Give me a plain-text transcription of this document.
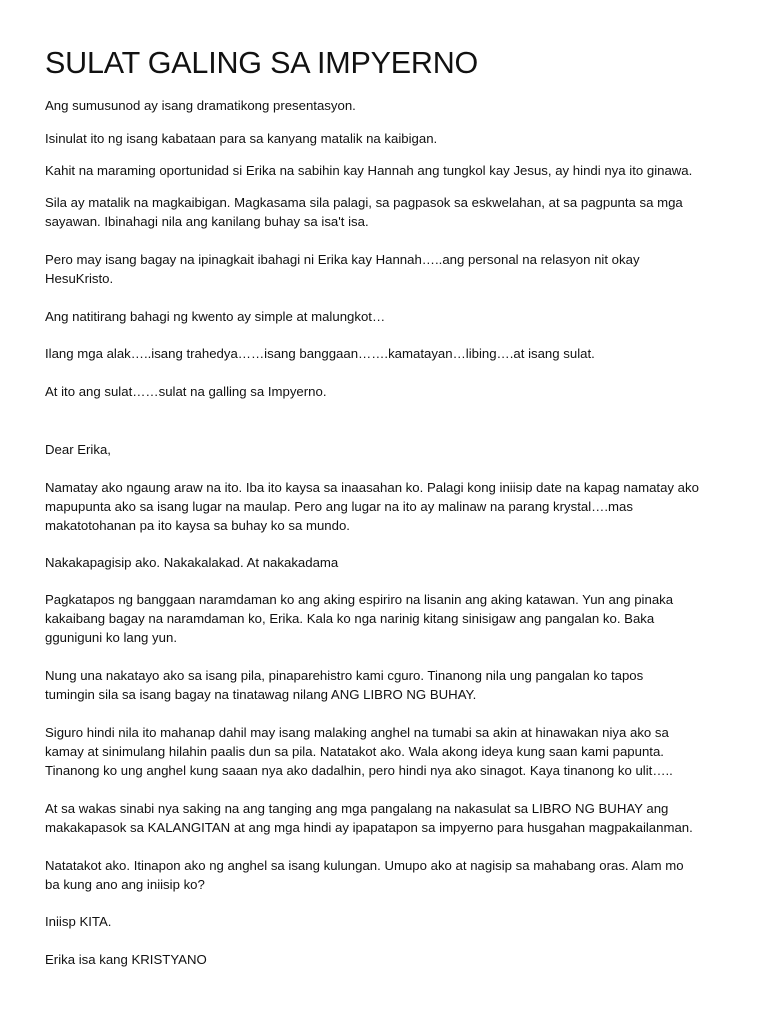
SULAT GALING SA IMPYERNO

Ang sumusunod ay isang dramatikong presentasyon.

Isinulat ito ng isang kabataan para sa kanyang matalik na kaibigan.

Kahit na maraming oportunidad si Erika na sabihin kay Hannah ang tungkol kay Jesus, ay hindi nya ito ginawa.

Sila ay matalik na magkaibigan. Magkasama sila palagi, sa pagpasok sa eskwelahan, at sa pagpunta sa mga
sayawan. Ibinahagi nila ang kanilang buhay sa isa't isa.

Pero may isang bagay na ipinagkait ibahagi ni Erika kay Hannah…..ang personal na relasyon nit okay
HesuKristo.

Ang natitirang bahagi ng kwento ay simple at malungkot…

Ilang mga alak…..isang trahedya……isang banggaan…….kamatayan…libing….at isang sulat.

At ito ang sulat……sulat na galling sa Impyerno.

Dear Erika,

Namatay ako ngaung araw na ito. Iba ito kaysa sa inaasahan ko. Palagi kong iniisip date na kapag namatay ako
mapupunta ako sa isang lugar na maulap. Pero ang lugar na ito ay malinaw na parang krystal….mas
makatotohanan pa ito kaysa sa buhay ko sa mundo.

Nakakapagisip ako. Nakakalakad. At nakakadama

Pagkatapos ng banggaan naramdaman ko ang aking espiriro na lisanin ang aking katawan. Yun ang pinaka
kakaibang bagay na naramdaman ko, Erika. Kala ko nga narinig kitang sinisigaw ang pangalan ko. Baka
gguniguni ko lang yun.

Nung una nakatayo ako sa isang pila, pinaparehistro kami cguro. Tinanong nila ung pangalan ko tapos
tumingin sila sa isang bagay na tinatawag nilang ANG LIBRO NG BUHAY.

Siguro hindi nila ito mahanap dahil may isang malaking anghel na tumabi sa akin at hinawakan niya ako sa
kamay at sinimulang hilahin paalis dun sa pila. Natatakot ako. Wala akong ideya kung saan kami papunta.
Tinanong ko ung anghel kung saaan nya ako dadalhin, pero hindi nya ako sinagot. Kaya tinanong ko ulit…..

At sa wakas sinabi nya saking na ang tanging ang mga pangalang na nakasulat sa LIBRO NG BUHAY ang
makakapasok sa KALANGITAN at ang mga hindi ay ipapatapon sa impyerno para husgahan magpakailanman.

Natatakot ako. Itinapon ako ng anghel sa isang kulungan. Umupo ako at nagisip sa mahabang oras. Alam mo
ba kung ano ang iniisip ko?

Iniisp KITA.

Erika isa kang KRISTYANO
